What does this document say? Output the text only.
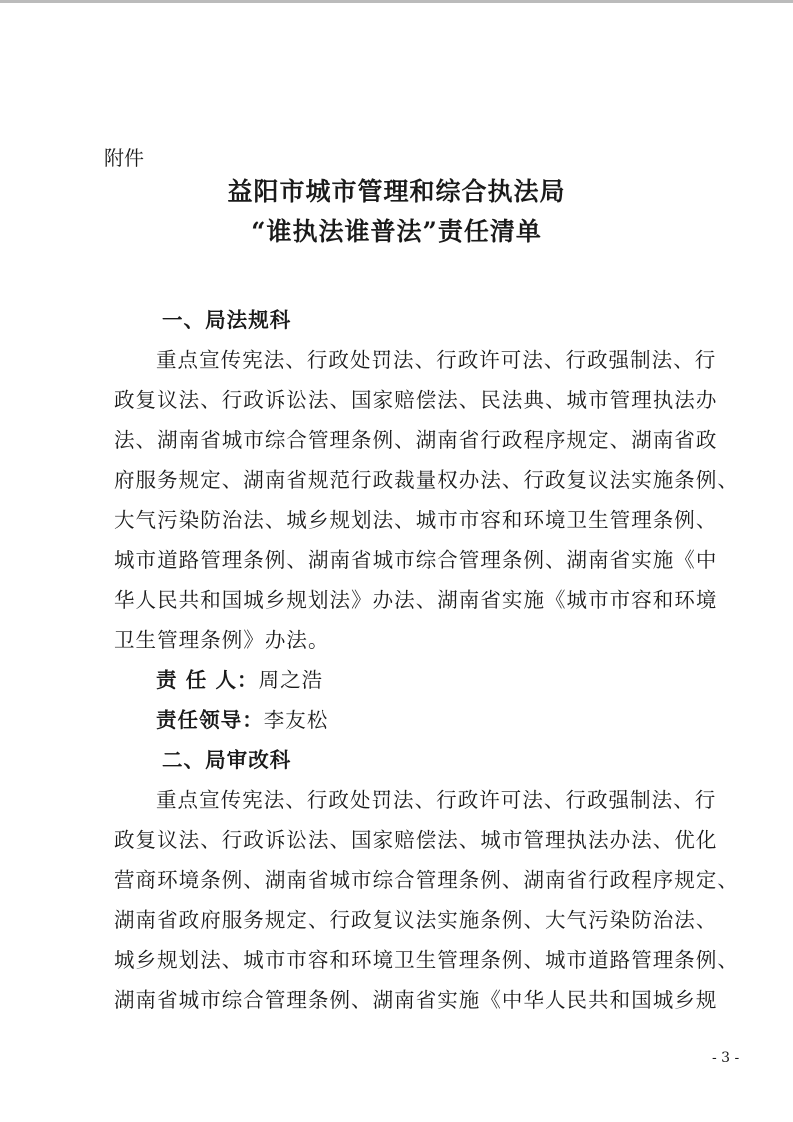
附件
益阳市城市管理和综合执法局
“谁执法谁普法”责任清单
一、局法规科
重点宣传宪法、行政处罚法、行政许可法、行政强制法、行
政复议法、行政诉讼法、国家赔偿法、民法典、城市管理执法办
法、湖南省城市综合管理条例、湖南省行政程序规定、湖南省政
府服务规定、湖南省规范行政裁量权办法、行政复议法实施条例、
大气污染防治法、城乡规划法、城市市容和环境卫生管理条例、
城市道路管理条例、湖南省城市综合管理条例、湖南省实施《中
华人民共和国城乡规划法》办法、湖南省实施《城市市容和环境
卫生管理条例》办法。
责 任 人：周之浩
责任领导：李友松
二、局审改科
重点宣传宪法、行政处罚法、行政许可法、行政强制法、行
政复议法、行政诉讼法、国家赔偿法、城市管理执法办法、优化
营商环境条例、湖南省城市综合管理条例、湖南省行政程序规定、
湖南省政府服务规定、行政复议法实施条例、大气污染防治法、
城乡规划法、城市市容和环境卫生管理条例、城市道路管理条例、
湖南省城市综合管理条例、湖南省实施《中华人民共和国城乡规
- 3 -
